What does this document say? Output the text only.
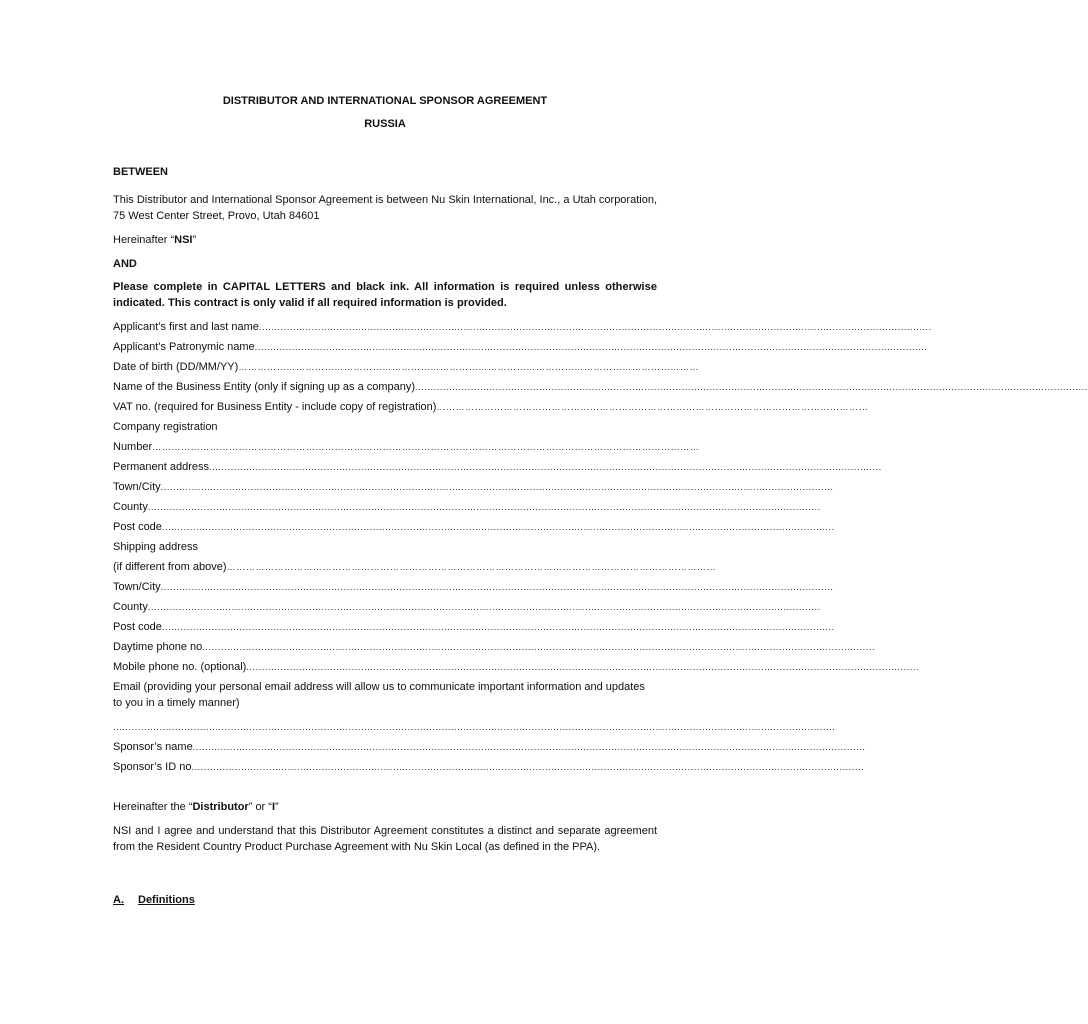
DISTRIBUTOR AND INTERNATIONAL SPONSOR AGREEMENT
RUSSIA

BETWEEN

This Distributor and International Sponsor Agreement is between Nu Skin International, Inc., a Utah corporation, 75 West Center Street, Provo, Utah 84601

Hereinafter “NSI”

AND

Please complete in CAPITAL LETTERS and black ink. All information is required unless otherwise indicated. This contract is only valid if all required information is provided.

Applicant’s first and last name .........................................................................................................................................................................................................................
Applicant’s Patronymic name .........................................................................................................................................................................................................................
Date of birth (DD/MM/YY) ………………………………………………………………………………………………………………………………
Name of the Business Entity (only if signing up as a company) .........................................................................................................................................................................................................................
VAT no. (required for Business Entity - include copy of registration) ………………………………………………………………………………………………………………………
Company registration
Number ………………………………………………………………………………………………………………………………………………………
Permanent address .........................................................................................................................................................................................................................
Town/City .........................................................................................................................................................................................................................
County .........................................................................................................................................................................................................................
Post code .........................................................................................................................................................................................................................
Shipping address
(if different from above) ………………………………………………………………………………………………………………………………………
Town/City .........................................................................................................................................................................................................................
County .........................................................................................................................................................................................................................
Post code .........................................................................................................................................................................................................................
Daytime phone no .........................................................................................................................................................................................................................
Mobile phone no. (optional) .........................................................................................................................................................................................................................

Email (providing your personal email address will allow us to communicate important information and updates to you in a timely manner)

.........................................................................................................................................................................................................................................
Sponsor’s name .........................................................................................................................................................................................................................
Sponsor’s ID no .........................................................................................................................................................................................................................

Hereinafter the “Distributor” or “I”

NSI and I agree and understand that this Distributor Agreement constitutes a distinct and separate agreement from the Resident Country Product Purchase Agreement with Nu Skin Local (as defined in the PPA).

A. Definitions
